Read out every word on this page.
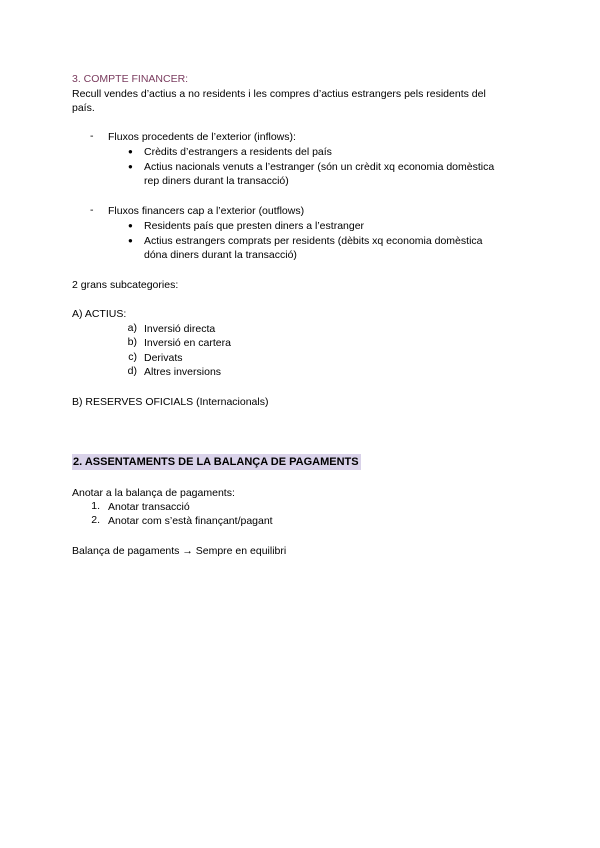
3. COMPTE FINANCER:
Recull vendes d’actius a no residents i les compres d’actius estrangers pels residents del
país.
- Fluxos procedents de l’exterior (inflows):
● Crèdits d’estrangers a residents del país
● Actius nacionals venuts a l’estranger (són un crèdit xq economia domèstica
rep diners durant la transacció)
- Fluxos financers cap a l’exterior (outflows)
● Residents país que presten diners a l’estranger
● Actius estrangers comprats per residents (dèbits xq economia domèstica
dóna diners durant la transacció)
2 grans subcategories:
A) ACTIUS:
a) Inversió directa
b) Inversió en cartera
c) Derivats
d) Altres inversions
B) RESERVES OFICIALS (Internacionals)
2. ASSENTAMENTS DE LA BALANÇA DE PAGAMENTS
Anotar a la balança de pagaments:
1. Anotar transacció
2. Anotar com s’està finançant/pagant
Balança de pagaments → Sempre en equilibri
